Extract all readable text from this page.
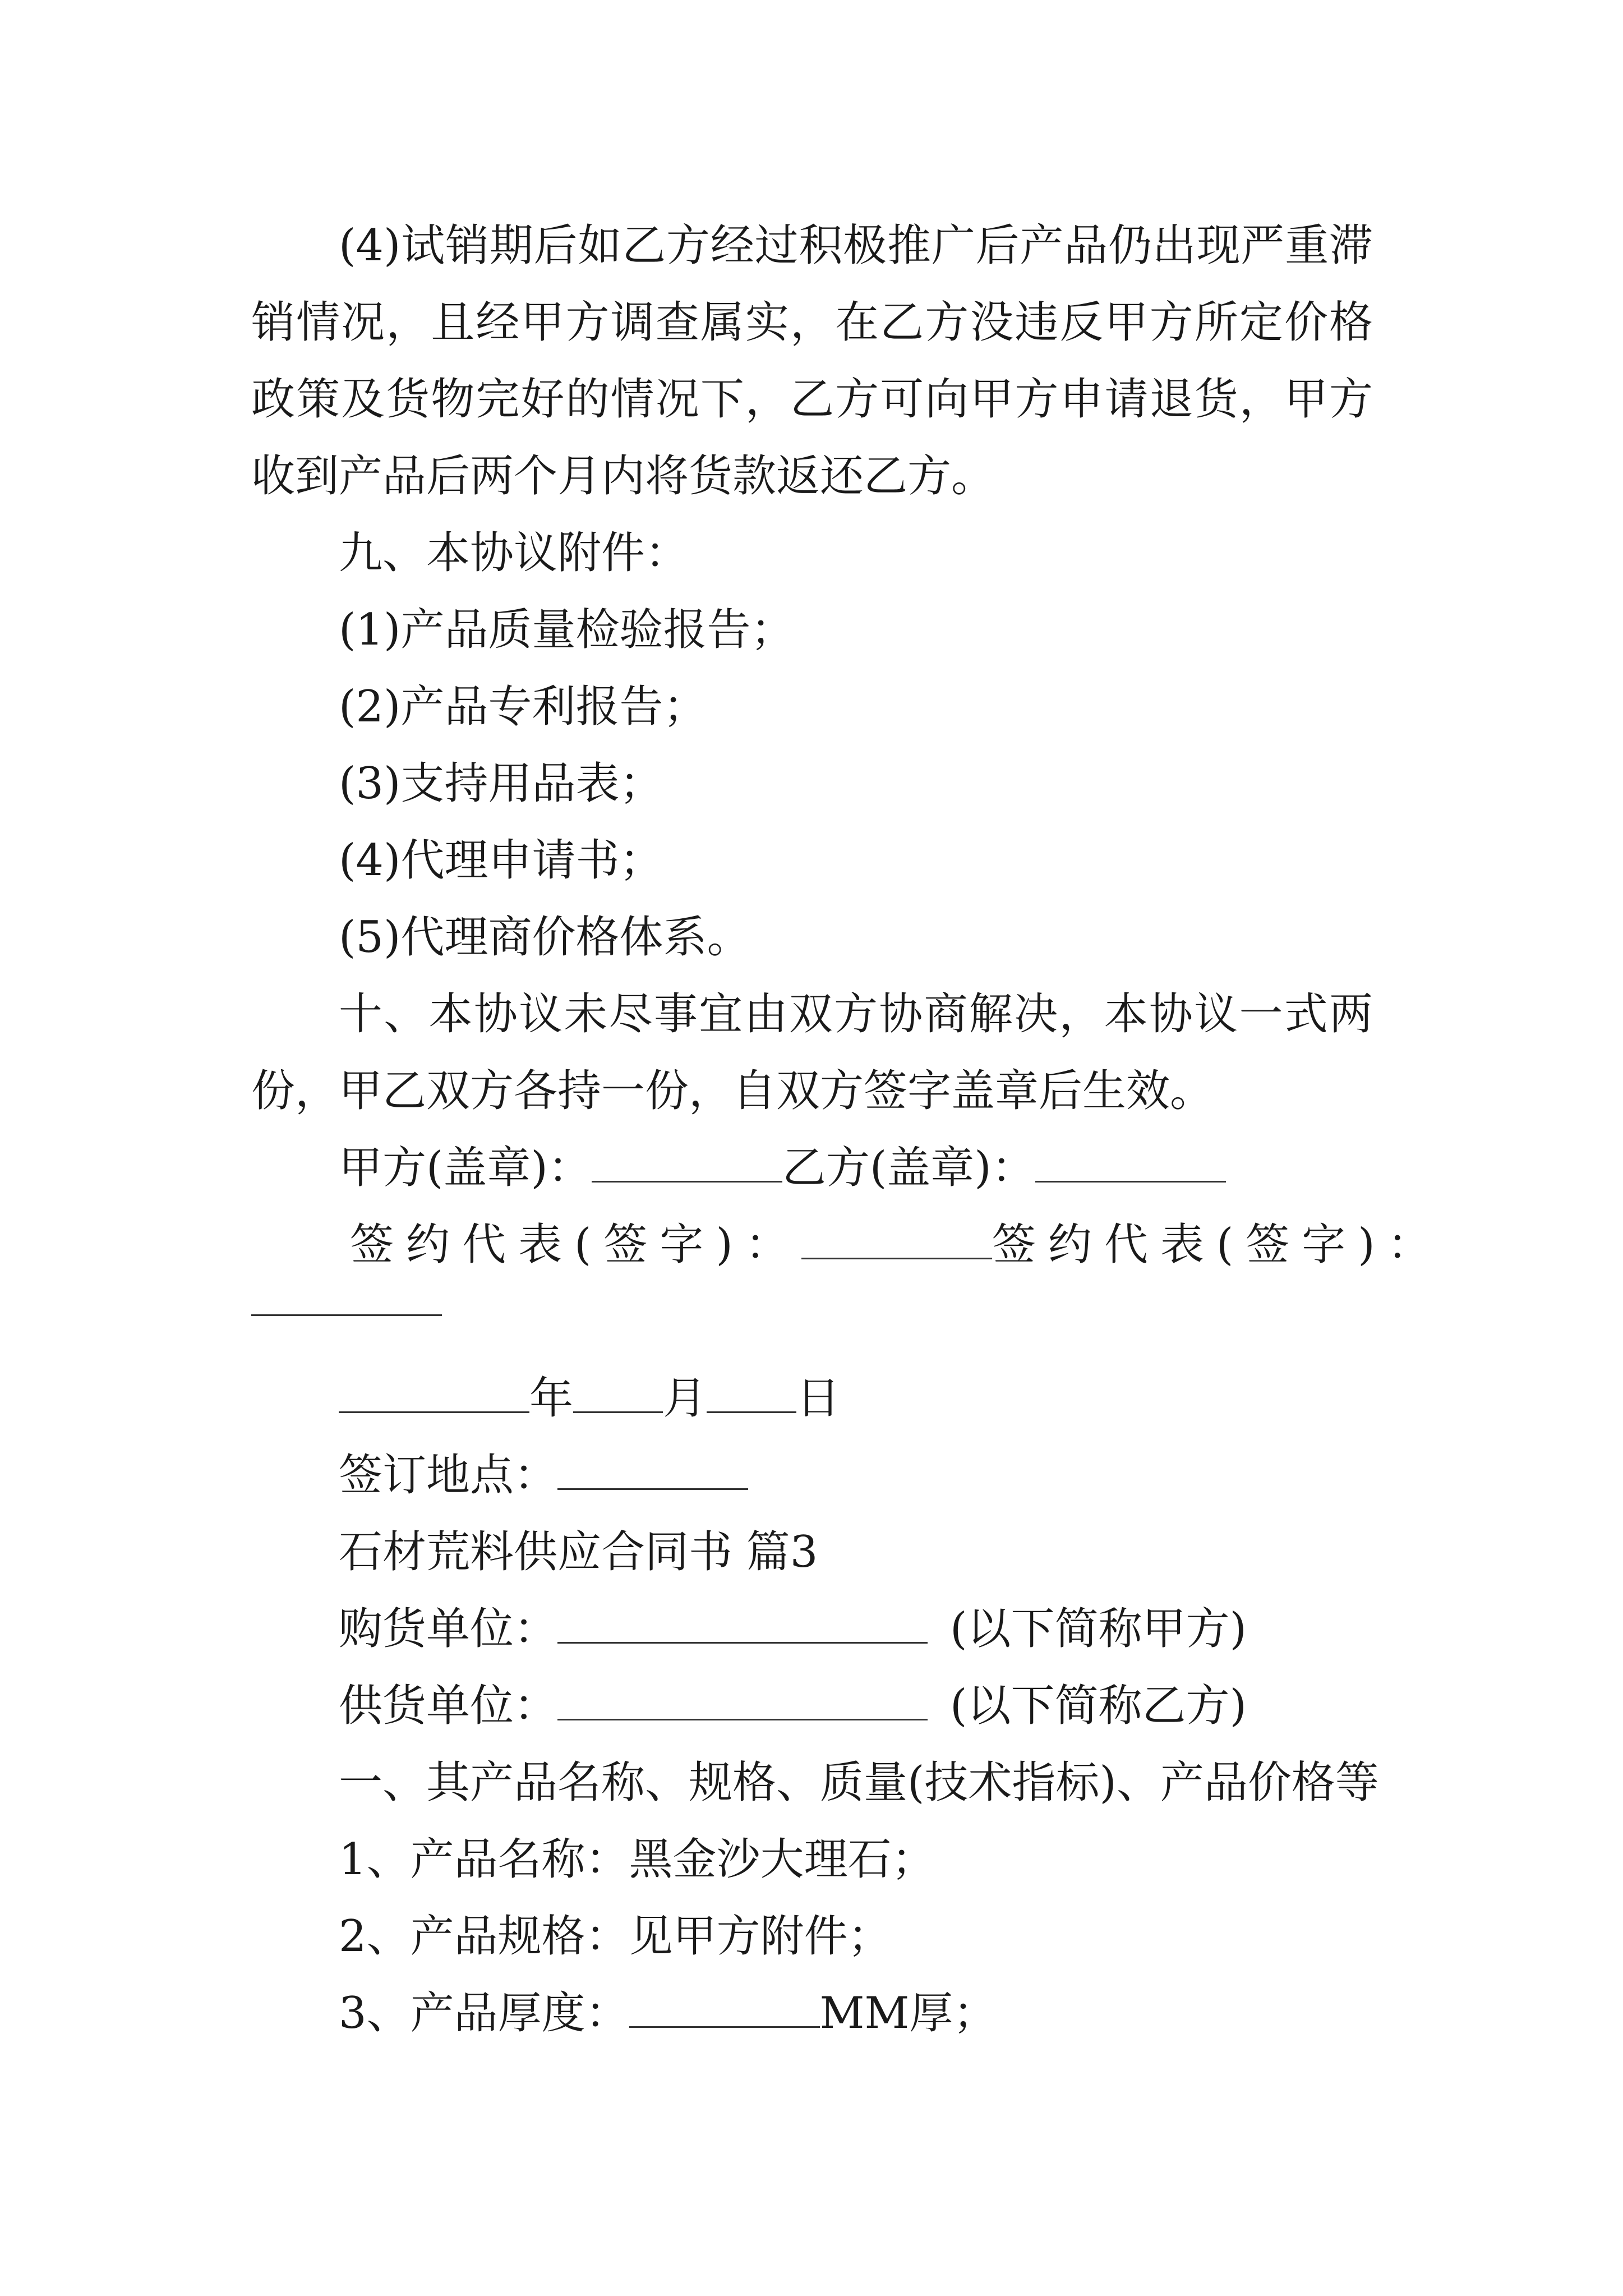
(4)试销期后如乙方经过积极推广后产品仍出现严重滞销情况，且经甲方调查属实，在乙方没违反甲方所定价格政策及货物完好的情况下，乙方可向甲方申请退货，甲方收到产品后两个月内将货款返还乙方。

九、本协议附件：

(1)产品质量检验报告；

(2)产品专利报告；

(3)支持用品表；

(4)代理申请书；

(5)代理商价格体系。

十、本协议未尽事宜由双方协商解决，本协议一式两份，甲乙双方各持一份，自双方签字盖章后生效。

甲方(盖章)：	乙方(盖章)：

签约代表(签字)：	签约代表(签字)：

年 月 日

签订地点：

石材荒料供应合同书 篇3

购货单位：	(以下简称甲方)

供货单位：	(以下简称乙方)

一、其产品名称、规格、质量(技术指标)、产品价格等

1、产品名称：黑金沙大理石；

2、产品规格：见甲方附件；

3、产品厚度：	MM厚；
